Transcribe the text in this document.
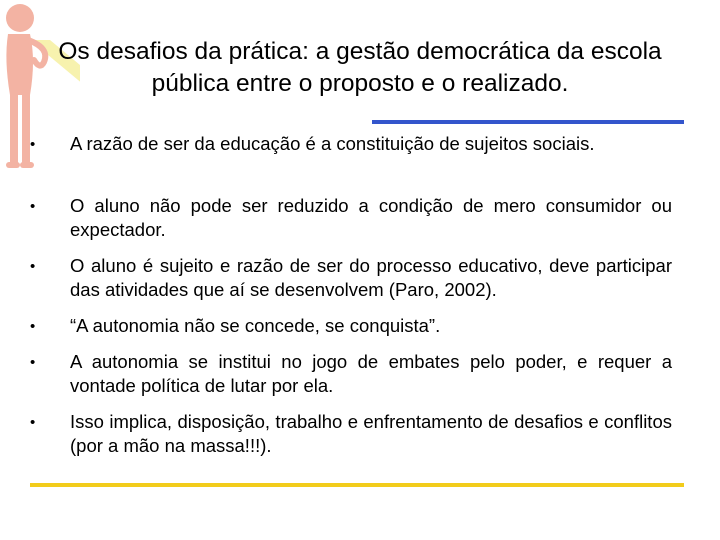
Os desafios da prática: a gestão democrática da escola pública entre o proposto e o realizado.
• A razão de ser da educação é a constituição de sujeitos sociais.
• O aluno não pode ser reduzido a condição de mero consumidor ou expectador.
• O aluno é sujeito e razão de ser do processo educativo, deve participar das atividades que aí se desenvolvem (Paro, 2002).
• “A autonomia não se concede, se conquista”.
• A autonomia se institui no jogo de embates pelo poder, e requer a vontade política de lutar por ela.
• Isso implica, disposição, trabalho e enfrentamento de desafios e conflitos (por a mão na massa!!!).
